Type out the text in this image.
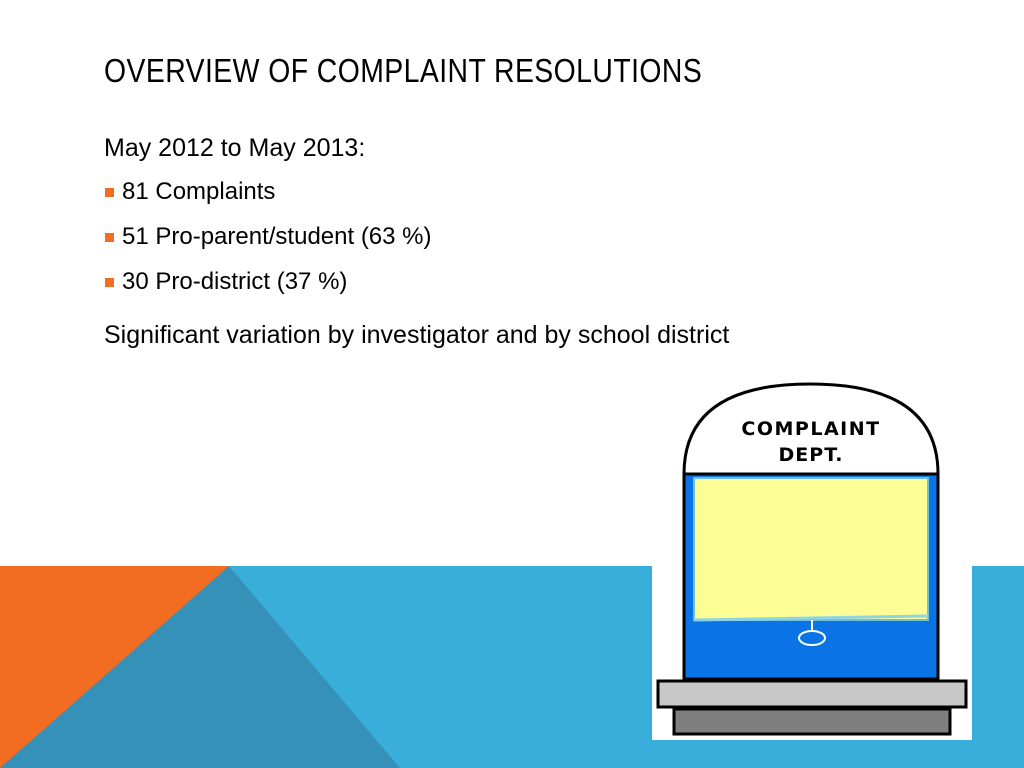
OVERVIEW OF COMPLAINT RESOLUTIONS
May 2012 to May 2013:
81 Complaints
51 Pro-parent/student (63 %)
30 Pro-district (37 %)
Significant variation by investigator and by school district
COMPLAINT
DEPT.
